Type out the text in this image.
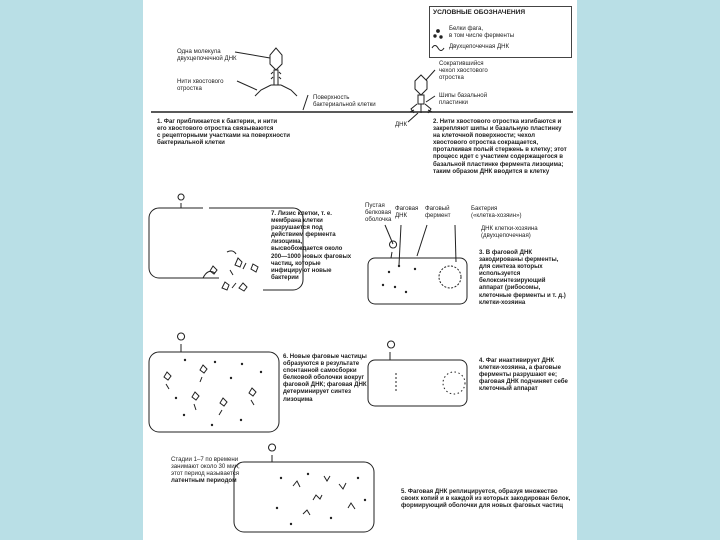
УСЛОВНЫЕ ОБОЗНАЧЕНИЯ
Белки фага,
в том числе ферменты
Двухцепочечная ДНК
Одна молекула
двухцепочечной ДНК
Нити хвостового
отростка
Поверхность
бактериальной клетки
1. Фаг приближается к бактерии, и нити
его хвостового отростка связываются
с рецепторными участками на поверхности
бактериальной клетки
Сократившийся
чехол хвостового
отростка
Шипы базальной
пластинки
ДНК	2. Нити хвостового отростка изгибаются и закрепляют шипы и базальную пластинку на клеточной поверхности; чехол хвостового отростка сокращается, проталкивая полый стержень в клетку; этот процесс идет с участием содержащегося в базальной пластинке фермента лизоцима; таким образом ДНК вводится в клетку
7. Лизис клетки, т. е. мембрана клетки разрушается под действием фермента лизоцима, высвобождается около 200—1000 новых фаговых частиц, которые инфицируют новые бактерии
Пустая
белковая
оболочка
Фаговая
ДНК
Фаговый
фермент
Бактерия
(«клетка-хозяин»)
ДНК клетки-хозяина
(двухцепочечная)
3. В фаговой ДНК закодированы ферменты, для синтеза которых используется белоксинтезирующий аппарат (рибосомы, клеточные ферменты и т. д.) клетки-хозяина
6. Новые фаговые частицы образуются в результате спонтанной самосборки белковой оболочки вокруг фаговой ДНК; фаговая ДНК детерминирует синтез лизоцима
4. Фаг инактивирует ДНК клетки-хозяина, а фаговые ферменты разрушают ее; фаговая ДНК подчиняет себе клеточный аппарат
Стадии 1–7 по времени
занимают около 30 мин;
этот период называется
латентным периодом
5. Фаговая ДНК реплицируется, образуя множество своих копий и в каждой из которых закодирован белок, формирующий оболочки для новых фаговых частиц
